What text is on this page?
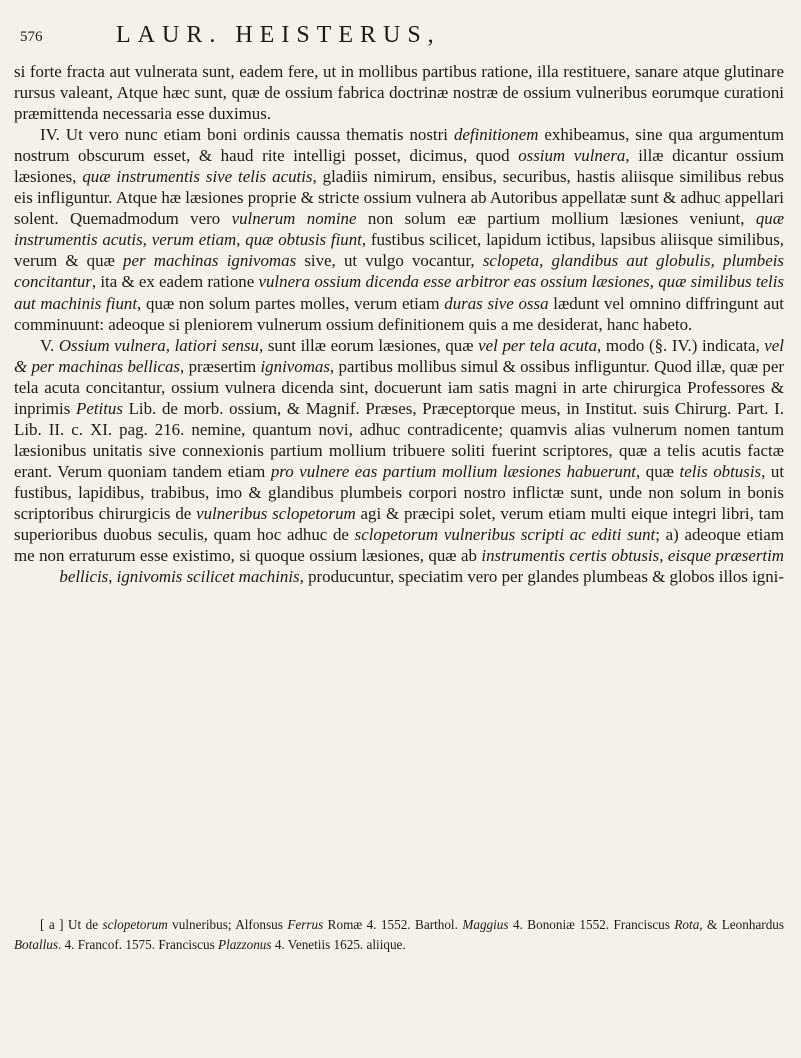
576	LAUR. HEISTERUS,

si forte fracta aut vulnerata sunt, eadem fere, ut in mollibus partibus ratione, illa restituere, sanare atque glutinare rursus valeant, Atque hæc sunt, quæ de ossium fabrica doctrinæ nostræ de ossium vulneribus eorumque curationi præmittenda necessaria esse duximus.

IV. Ut vero nunc etiam boni ordinis caussa thematis nostri definitionem exhibeamus, sine qua argumentum nostrum obscurum esset, & haud rite intelligi posset, dicimus, quod ossium vulnera, illæ dicantur ossium læsiones, quæ instrumentis sive telis acutis, gladiis nimirum, ensibus, securibus, hastis aliisque similibus rebus eis infliguntur. Atque hæ læsiones proprie & stricte ossium vulnera ab Autoribus appellatæ sunt & adhuc appellari solent. Quemadmodum vero vulnerum nomine non solum eæ partium mollium læsiones veniunt, quæ instrumentis acutis, verum etiam, quæ obtusis fiunt, fustibus scilicet, lapidum ictibus, lapsibus aliisque similibus, verum & quæ per machinas ignivomas sive, ut vulgo vocantur, sclopeta, glandibus aut globulis, plumbeis concitantur, ita & ex eadem ratione vulnera ossium dicenda esse arbitror eas ossium læsiones, quæ similibus telis aut machinis fiunt, quæ non solum partes molles, verum etiam duras sive ossa lædunt vel omnino diffringunt aut comminuunt: adeoque si pleniorem vulnerum ossium definitionem quis a me desiderat, hanc habeto.

V. Ossium vulnera, latiori sensu, sunt illæ eorum læsiones, quæ vel per tela acuta, modo (§. IV.) indicata, vel & per machinas bellicas, præsertim ignivomas, partibus mollibus simul & ossibus infliguntur. Quod illæ, quæ per tela acuta concitantur, ossium vulnera dicenda sint, docuerunt iam satis magni in arte chirurgica Professores & inprimis Petitus Lib. de morb. ossium, & Magnif. Præses, Præceptorque meus, in Institut. suis Chirurg. Part. I. Lib. II. c. XI. pag. 216. nemine, quantum novi, adhuc contradicente; quamvis alias vulnerum nomen tantum læsionibus unitatis sive connexionis partium mollium tribuere soliti fuerint scriptores, quæ a telis acutis factæ erant. Verum quoniam tandem etiam pro vulnere eas partium mollium læsiones habuerunt, quæ telis obtusis, ut fustibus, lapidibus, trabibus, imo & glandibus plumbeis corpori nostro inflictæ sunt, unde non solum in bonis scriptoribus chirurgicis de vulneribus sclopetorum agi & præcipi solet, verum etiam multi eique integri libri, tam superioribus duobus seculis, quam hoc adhuc de sclopetorum vulneribus scripti ac editi sunt; a) adeoque etiam me non erraturum esse existimo, si quoque ossium læsiones, quæ ab instrumentis certis obtusis, eisque præsertim bellicis, ignivomis scilicet machinis, producuntur, speciatim vero per glandes plumbeas & globos illos igni-

[ a ] Ut de sclopetorum vulneribus; Alfonsus Ferrus Romæ 4. 1552. Barthol. Maggius 4. Bononiæ 1552. Franciscus Rota, & Leonhardus Botallus. 4. Francof. 1575. Franciscus Plazzonus 4. Venetiis 1625. aliique.
